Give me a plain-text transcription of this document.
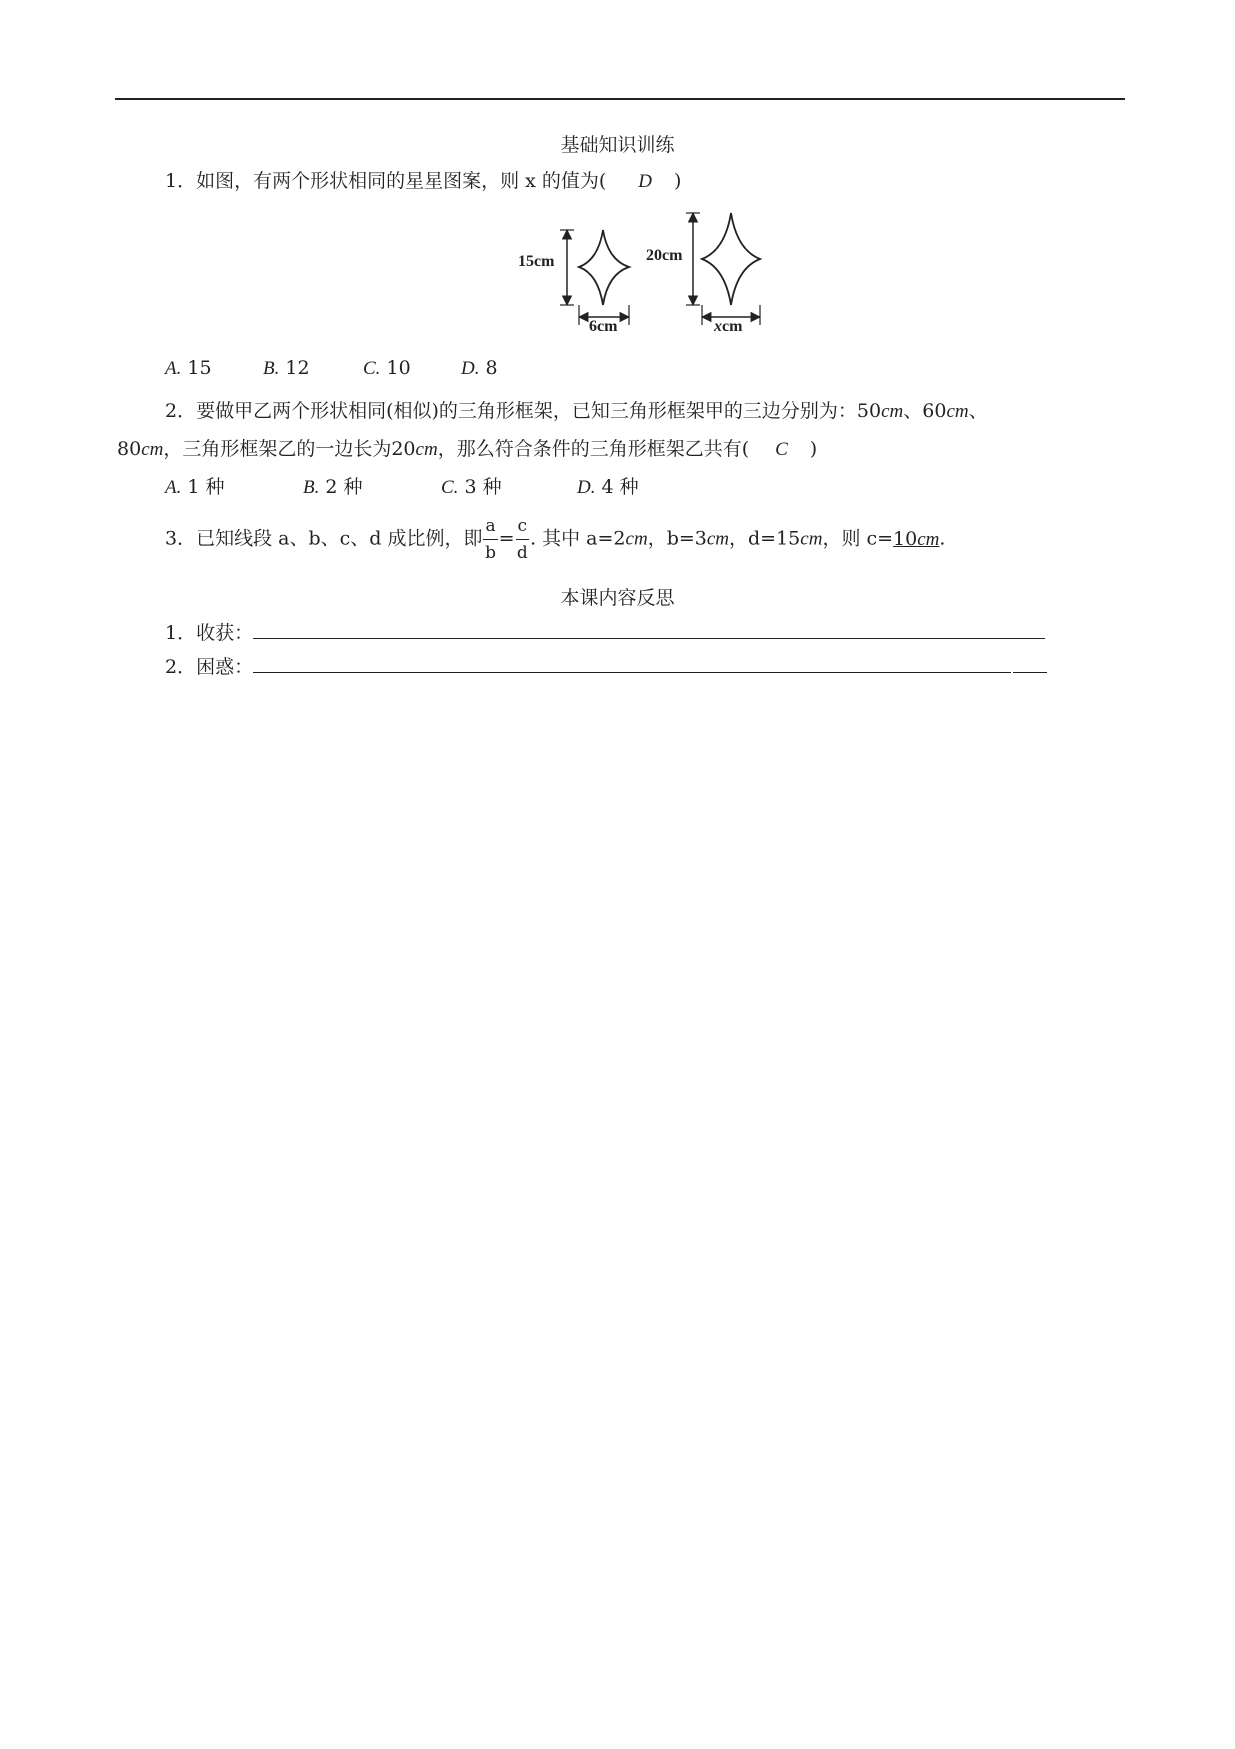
基础知识训练
1．如图，有两个形状相同的星星图案，则 x 的值为( D )
15cm
6cm
20cm
xcm
A. 15	B. 12	C. 10	D. 8
2．要做甲乙两个形状相同(相似)的三角形框架，已知三角形框架甲的三边分别为：50cm、60cm、
80cm，三角形框架乙的一边长为20cm，那么符合条件的三角形框架乙共有( C )
A. 1 种	B. 2 种	C. 3 种	D. 4 种
3．已知线段 a、b、c、d 成比例，即 $\frac{a}{b} = \frac{c}{d}$ . 其中 a=2cm，b=3cm，d=15cm，则 c=10cm.
本课内容反思
1．收获：
2．困惑：
